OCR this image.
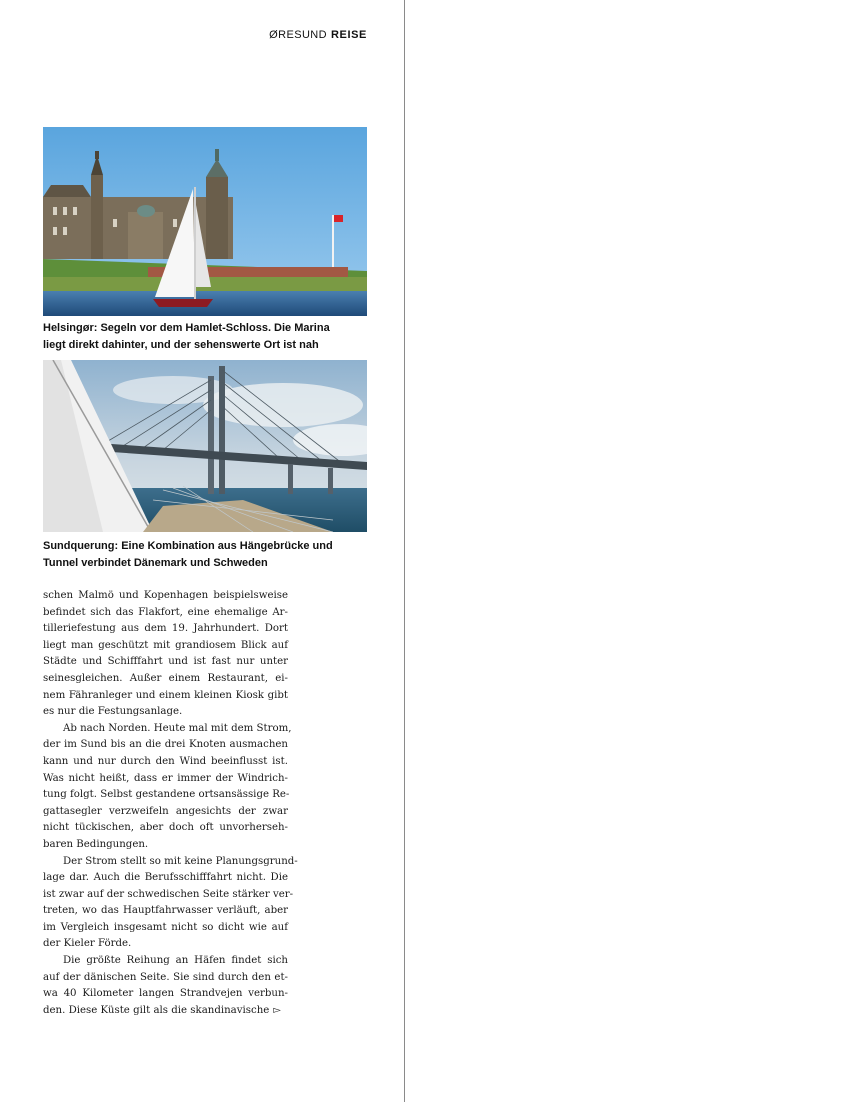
ØRESUND REISE
Helsingør: Segeln vor dem Hamlet-Schloss. Die Marina
liegt direkt dahinter, und der sehenswerte Ort ist nah
Sundquerung: Eine Kombination aus Hängebrücke und
Tunnel verbindet Dänemark und Schweden
schen Malmö und Kopenhagen beispielsweise
befindet sich das Flakfort, eine ehemalige Ar-
tilleriefestung aus dem 19. Jahrhundert. Dort
liegt man geschützt mit grandiosem Blick auf
Städte und Schifffahrt und ist fast nur unter
seinesgleichen. Außer einem Restaurant, ei-
nem Fähranleger und einem kleinen Kiosk gibt
es nur die Festungsanlage.
Ab nach Norden. Heute mal mit dem Strom,
der im Sund bis an die drei Knoten ausmachen
kann und nur durch den Wind beeinflusst ist.
Was nicht heißt, dass er immer der Windrich-
tung folgt. Selbst gestandene ortsansässige Re-
gattasegler verzweifeln angesichts der zwar
nicht tückischen, aber doch oft unvorherseh-
baren Bedingungen.
Der Strom stellt so mit keine Planungsgrund-
lage dar. Auch die Berufsschifffahrt nicht. Die
ist zwar auf der schwedischen Seite stärker ver-
treten, wo das Hauptfahrwasser verläuft, aber
im Vergleich insgesamt nicht so dicht wie auf
der Kieler Förde.
Die größte Reihung an Häfen findet sich
auf der dänischen Seite. Sie sind durch den et-
wa 40 Kilometer langen Strandvejen verbun-
den. Diese Küste gilt als die skandinavische ▻
